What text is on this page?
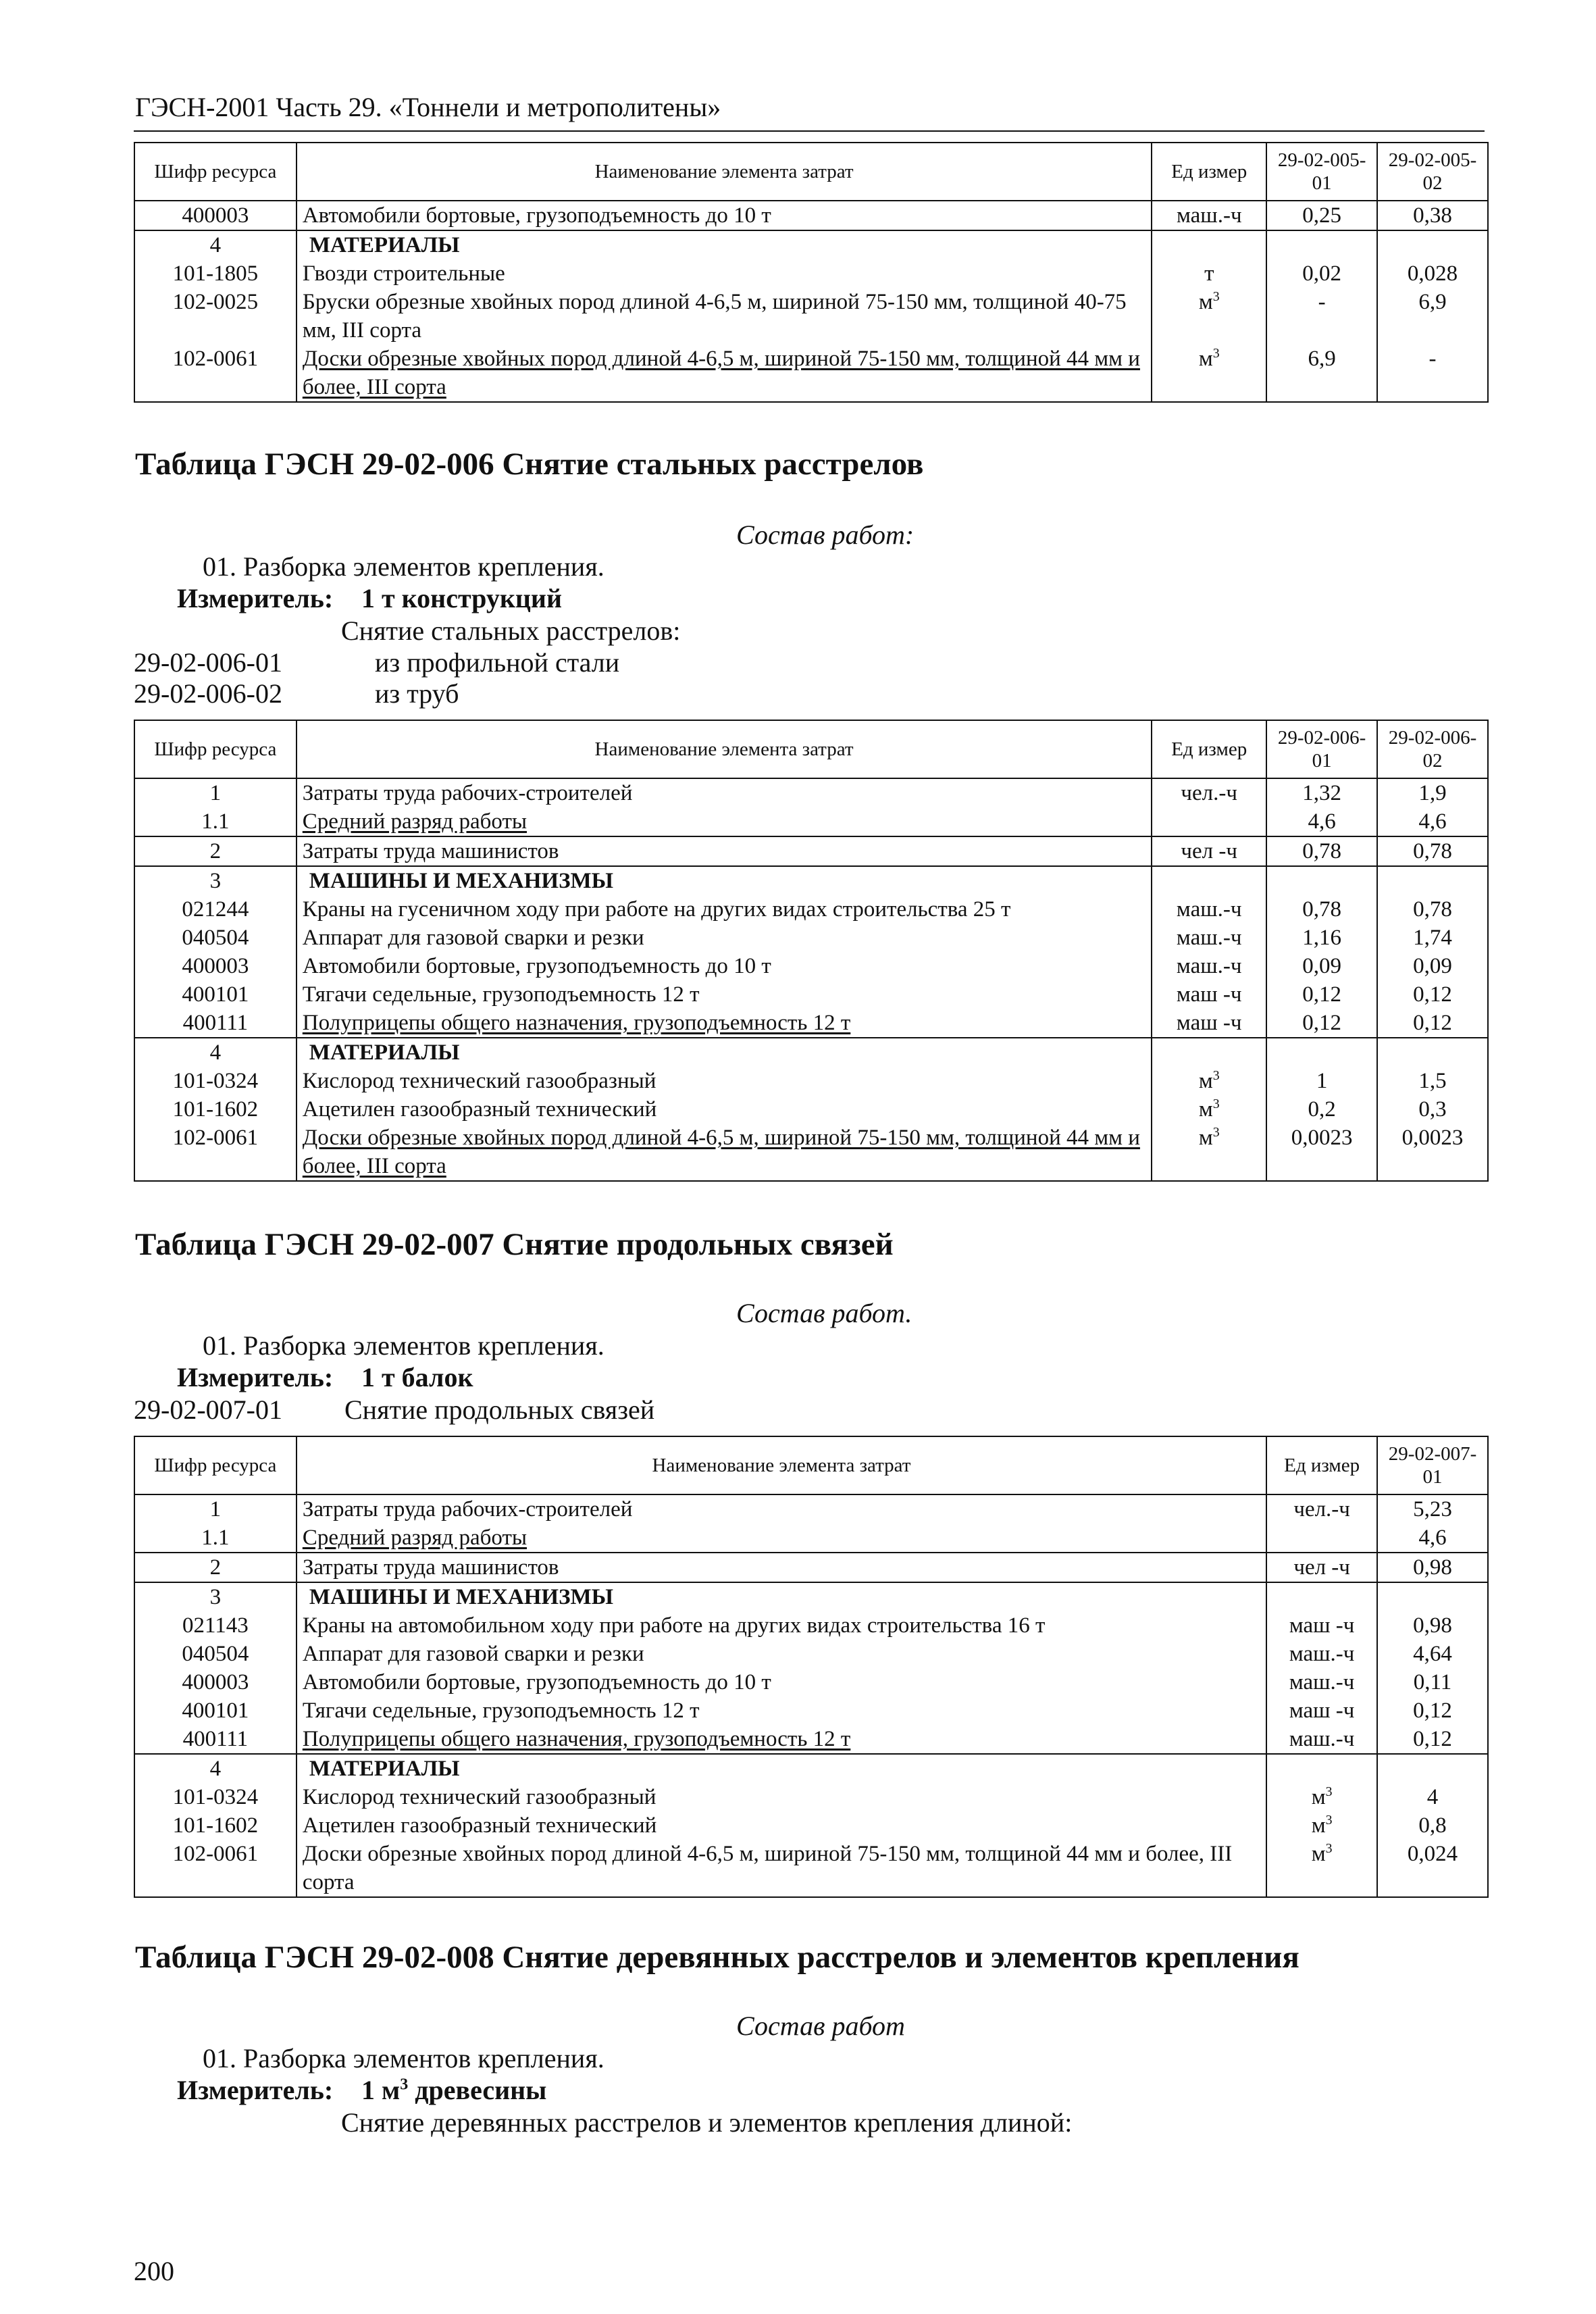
ГЭСН-2001 Часть 29. «Тоннели и метрополитены»
Шифр ресурса	Наименование элемента затрат	Ед измер	29-02-005-01	29-02-005-02
400003	Автомобили бортовые, грузоподъемность до 10 т	маш.-ч	0,25	0,38
4	МАТЕРИАЛЫ			
101-1805	Гвозди строительные	т	0,02	0,028
102-0025	Бруски обрезные хвойных пород длиной 4-6,5 м, шириной 75-150 мм, толщиной 40-75 мм, III сорта	$м^3$	-	6,9
102-0061	Доски обрезные хвойных пород длиной 4-6,5 м, шириной 75-150 мм, толщиной 44 мм и более, III сорта	$м^3$	6,9	-
Таблица ГЭСН 29-02-006 Снятие стальных расстрелов
Состав работ:
01. Разборка элементов крепления.
Измеритель: 1 т конструкций
Снятие стальных расстрелов:
29-02-006-01	из профильной стали
29-02-006-02	из труб
Шифр ресурса	Наименование элемента затрат	Ед измер	29-02-006-01	29-02-006-02
1	Затраты труда рабочих-строителей	чел.-ч	1,32	1,9
1.1	Средний разряд работы		4,6	4,6
2	Затраты труда машинистов	чел -ч	0,78	0,78
3	МАШИНЫ И МЕХАНИЗМЫ			
021244	Краны на гусеничном ходу при работе на других видах строительства 25 т	маш.-ч	0,78	0,78
040504	Аппарат для газовой сварки и резки	маш.-ч	1,16	1,74
400003	Автомобили бортовые, грузоподъемность до 10 т	маш.-ч	0,09	0,09
400101	Тягачи седельные, грузоподъемность 12 т	маш -ч	0,12	0,12
400111	Полуприцепы общего назначения, грузоподъемность 12 т	маш -ч	0,12	0,12
4	МАТЕРИАЛЫ			
101-0324	Кислород технический газообразный	$м^3$	1	1,5
101-1602	Ацетилен газообразный технический	$м^3$	0,2	0,3
102-0061	Доски обрезные хвойных пород длиной 4-6,5 м, шириной 75-150 мм, толщиной 44 мм и более, III сорта	$м^3$	0,0023	0,0023
Таблица ГЭСН 29-02-007 Снятие продольных связей
Состав работ.
01. Разборка элементов крепления.
Измеритель: 1 т балок
29-02-007-01 Снятие продольных связей
Шифр ресурса	Наименование элемента затрат	Ед измер	29-02-007-01
1	Затраты труда рабочих-строителей	чел.-ч	5,23
1.1	Средний разряд работы		4,6
2	Затраты труда машинистов	чел -ч	0,98
3	МАШИНЫ И МЕХАНИЗМЫ		
021143	Краны на автомобильном ходу при работе на других видах строительства 16 т	маш -ч	0,98
040504	Аппарат для газовой сварки и резки	маш.-ч	4,64
400003	Автомобили бортовые, грузоподъемность до 10 т	маш.-ч	0,11
400101	Тягачи седельные, грузоподъемность 12 т	маш -ч	0,12
400111	Полуприцепы общего назначения, грузоподъемность 12 т	маш.-ч	0,12
4	МАТЕРИАЛЫ		
101-0324	Кислород технический газообразный	$м^3$	4
101-1602	Ацетилен газообразный технический	$м^3$	0,8
102-0061	Доски обрезные хвойных пород длиной 4-6,5 м, шириной 75-150 мм, толщиной 44 мм и более, III сорта	$м^3$	0,024
Таблица ГЭСН 29-02-008 Снятие деревянных расстрелов и элементов крепления
Состав работ
01. Разборка элементов крепления.
Измеритель: 1 $м^3$ древесины
Снятие деревянных расстрелов и элементов крепления длиной:
200
